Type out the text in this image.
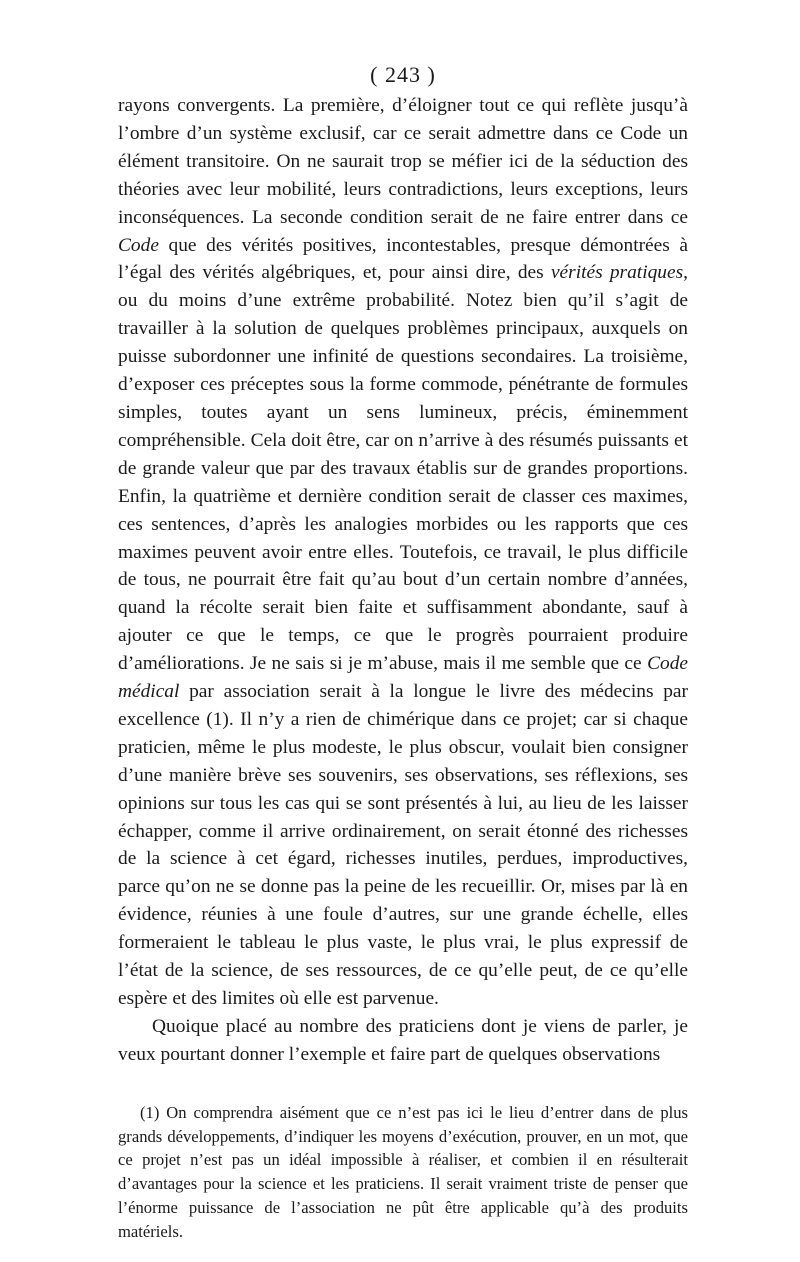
( 243 )

rayons convergents. La première, d’éloigner tout ce qui reflète jusqu’à l’ombre d’un système exclusif, car ce serait admettre dans ce Code un élément transitoire. On ne saurait trop se méfier ici de la séduction des théories avec leur mobilité, leurs contradictions, leurs exceptions, leurs inconséquences. La seconde condition serait de ne faire entrer dans ce Code que des vérités positives, incontestables, presque démontrées à l’égal des vérités algébriques, et, pour ainsi dire, des vérités pratiques, ou du moins d’une extrême probabilité. Notez bien qu’il s’agit de travailler à la solution de quelques problèmes principaux, auxquels on puisse subordonner une infinité de questions secondaires. La troisième, d’exposer ces préceptes sous la forme commode, pénétrante de formules simples, toutes ayant un sens lumineux, précis, éminemment compréhensible. Cela doit être, car on n’arrive à des résumés puissants et de grande valeur que par des travaux établis sur de grandes proportions. Enfin, la quatrième et dernière condition serait de classer ces maximes, ces sentences, d’après les analogies morbides ou les rapports que ces maximes peuvent avoir entre elles. Toutefois, ce travail, le plus difficile de tous, ne pourrait être fait qu’au bout d’un certain nombre d’années, quand la récolte serait bien faite et suffisamment abondante, sauf à ajouter ce que le temps, ce que le progrès pourraient produire d’améliorations. Je ne sais si je m’abuse, mais il me semble que ce Code médical par association serait à la longue le livre des médecins par excellence (1). Il n’y a rien de chimérique dans ce projet; car si chaque praticien, même le plus modeste, le plus obscur, voulait bien consigner d’une manière brève ses souvenirs, ses observations, ses réflexions, ses opinions sur tous les cas qui se sont présentés à lui, au lieu de les laisser échapper, comme il arrive ordinairement, on serait étonné des richesses de la science à cet égard, richesses inutiles, perdues, improductives, parce qu’on ne se donne pas la peine de les recueillir. Or, mises par là en évidence, réunies à une foule d’autres, sur une grande échelle, elles formeraient le tableau le plus vaste, le plus vrai, le plus expressif de l’état de la science, de ses ressources, de ce qu’elle peut, de ce qu’elle espère et des limites où elle est parvenue.

Quoique placé au nombre des praticiens dont je viens de parler, je veux pourtant donner l’exemple et faire part de quelques observations

(1) On comprendra aisément que ce n’est pas ici le lieu d’entrer dans de plus grands développements, d’indiquer les moyens d’exécution, prouver, en un mot, que ce projet n’est pas un idéal impossible à réaliser, et combien il en résulterait d’avantages pour la science et les praticiens. Il serait vraiment triste de penser que l’énorme puissance de l’association ne pût être applicable qu’à des produits matériels.
